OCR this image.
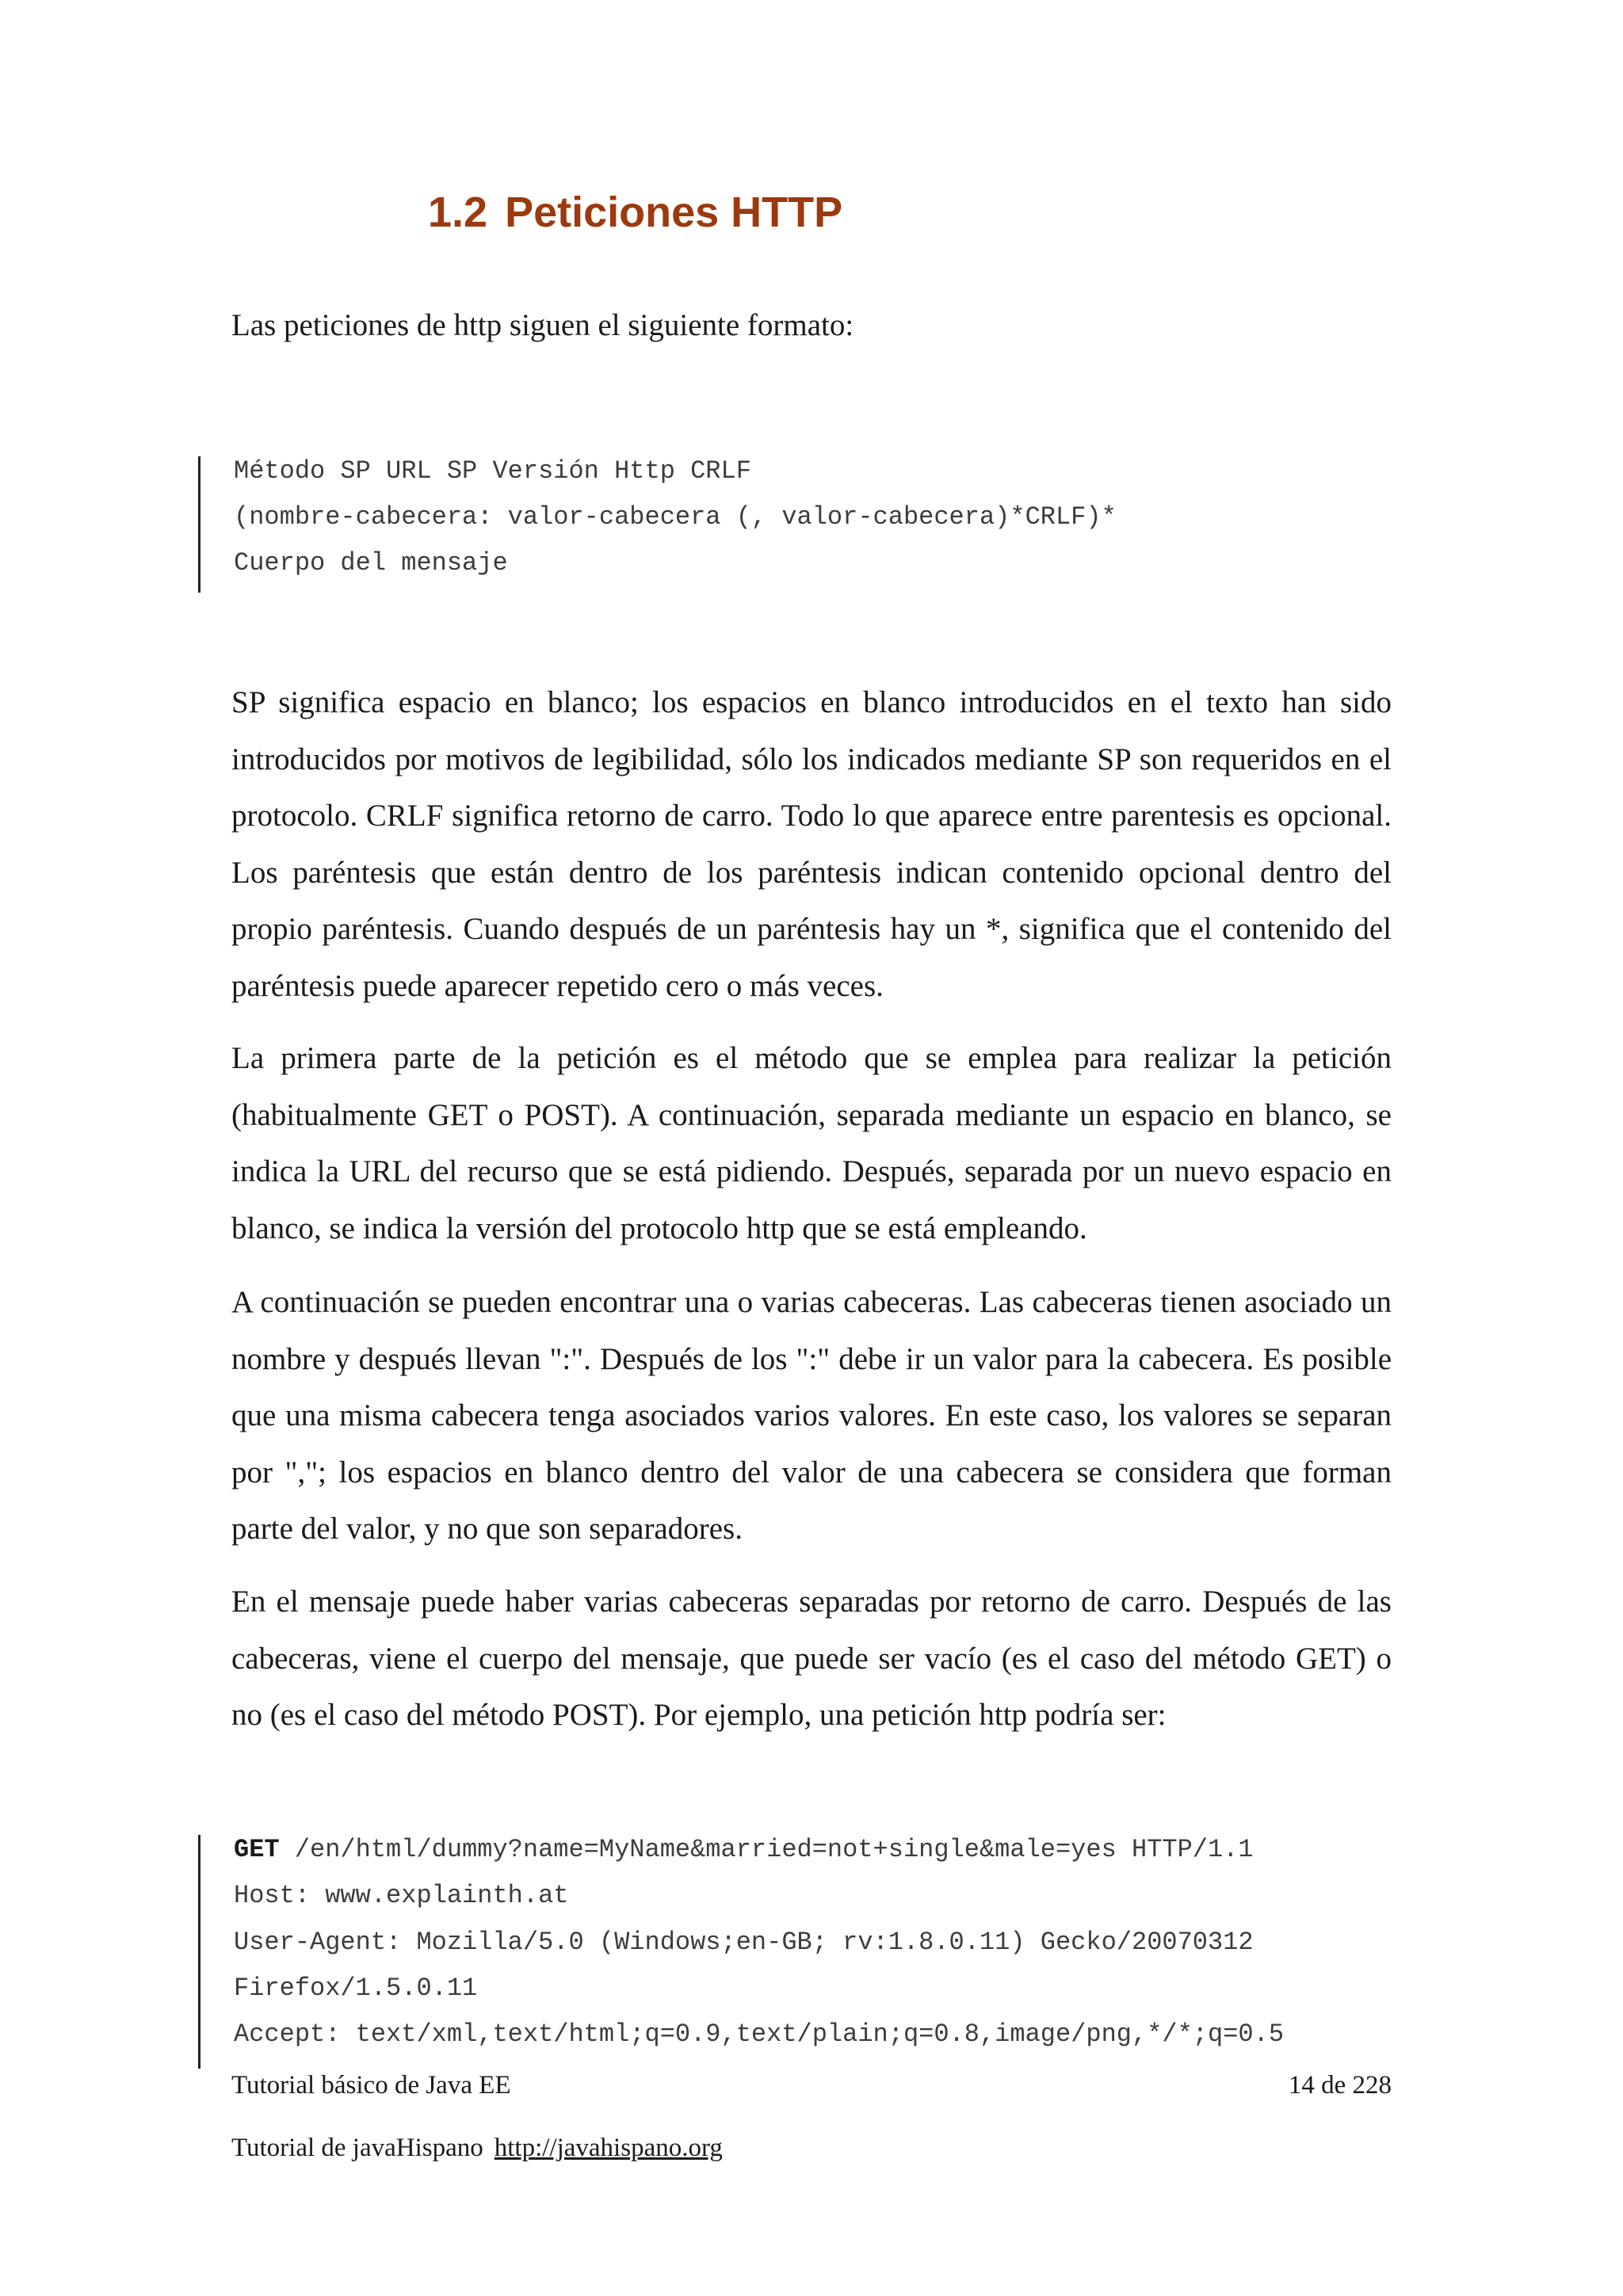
1.2 Peticiones HTTP
Las peticiones de http siguen el siguiente formato:
Método SP URL SP Versión Http CRLF
(nombre-cabecera: valor-cabecera (, valor-cabecera)*CRLF)*
Cuerpo del mensaje

SP significa espacio en blanco; los espacios en blanco introducidos en el texto han sido introducidos por motivos de legibilidad, sólo los indicados mediante SP son requeridos en el protocolo. CRLF significa retorno de carro. Todo lo que aparece entre parentesis es opcional. Los paréntesis que están dentro de los paréntesis indican contenido opcional dentro del propio paréntesis. Cuando después de un paréntesis hay un *, significa que el contenido del paréntesis puede aparecer repetido cero o más veces.

La primera parte de la petición es el método que se emplea para realizar la petición (habitualmente GET o POST). A continuación, separada mediante un espacio en blanco, se indica la URL del recurso que se está pidiendo. Después, separada por un nuevo espacio en blanco, se indica la versión del protocolo http que se está empleando.

A continuación se pueden encontrar una o varias cabeceras. Las cabeceras tienen asociado un nombre y después llevan ":". Después de los ":" debe ir un valor para la cabecera. Es posible que una misma cabecera tenga asociados varios valores. En este caso, los valores se separan por ","; los espacios en blanco dentro del valor de una cabecera se considera que forman parte del valor, y no que son separadores.

En el mensaje puede haber varias cabeceras separadas por retorno de carro. Después de las cabeceras, viene el cuerpo del mensaje, que puede ser vacío (es el caso del método GET) o no (es el caso del método POST). Por ejemplo, una petición http podría ser:

GET /en/html/dummy?name=MyName&married=not+single&male=yes HTTP/1.1
Host: www.explainth.at
User-Agent: Mozilla/5.0 (Windows;en-GB; rv:1.8.0.11) Gecko/20070312
Firefox/1.5.0.11
Accept: text/xml,text/html;q=0.9,text/plain;q=0.8,image/png,*/*;q=0.5
Tutorial básico de Java EE	14 de 228
Tutorial de javaHispano http://javahispano.org
